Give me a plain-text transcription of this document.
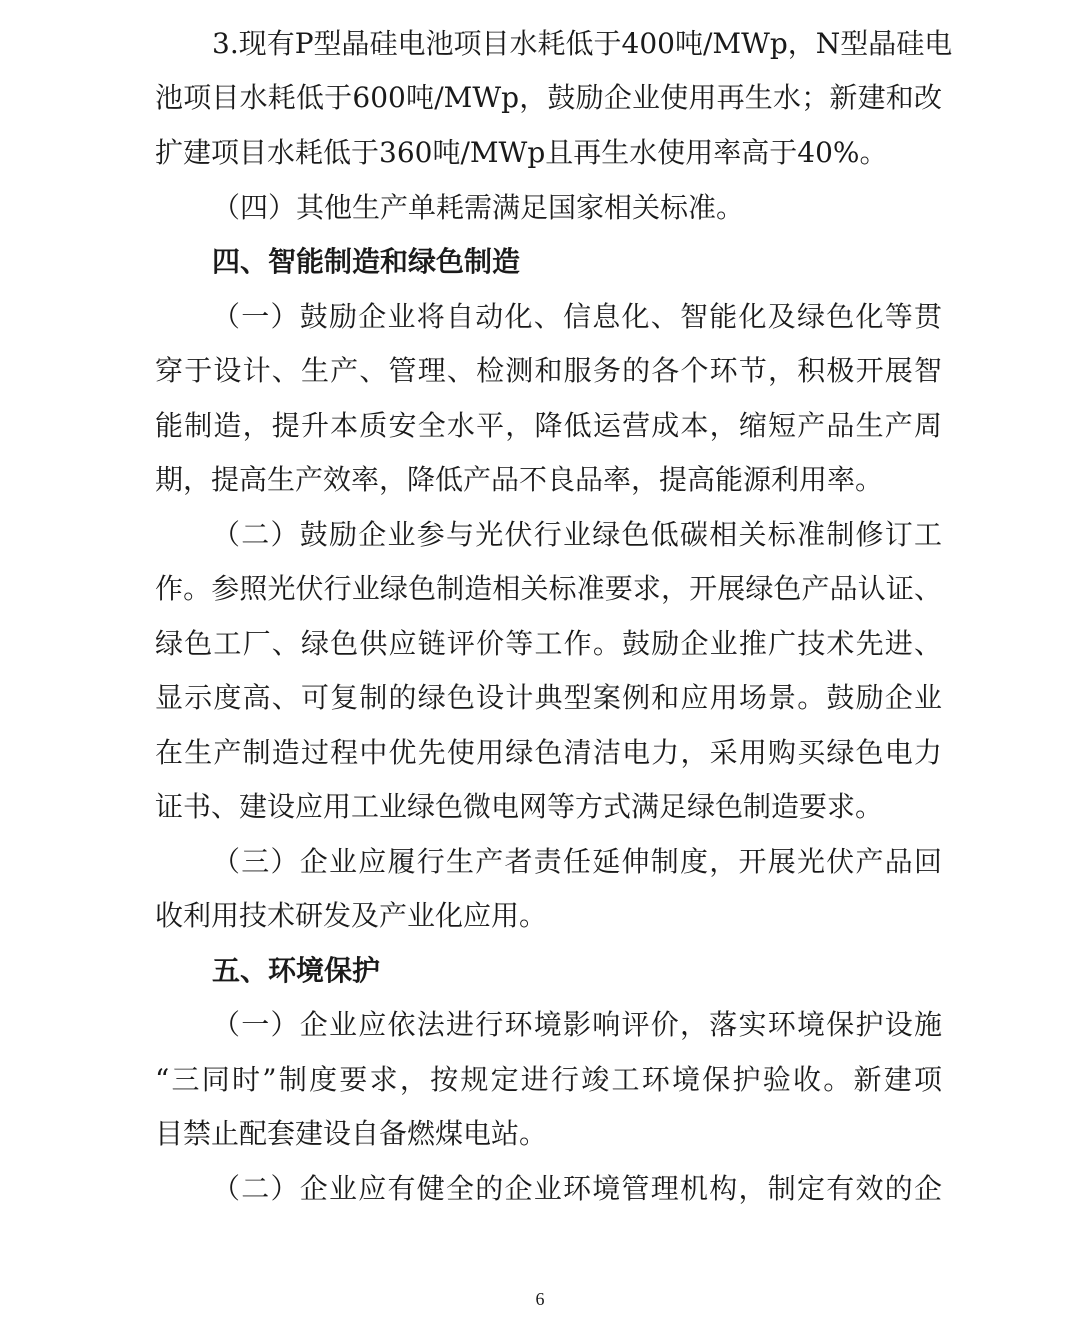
3.现有P型晶硅电池项目水耗低于400吨/MWp，N型晶硅电
池项目水耗低于600吨/MWp，鼓励企业使用再生水；新建和改
扩建项目水耗低于360吨/MWp且再生水使用率高于40%。
（四）其他生产单耗需满足国家相关标准。
四、智能制造和绿色制造
（一）鼓励企业将自动化、信息化、智能化及绿色化等贯
穿于设计、生产、管理、检测和服务的各个环节，积极开展智
能制造，提升本质安全水平，降低运营成本，缩短产品生产周
期，提高生产效率，降低产品不良品率，提高能源利用率。
（二）鼓励企业参与光伏行业绿色低碳相关标准制修订工
作。参照光伏行业绿色制造相关标准要求，开展绿色产品认证、
绿色工厂、绿色供应链评价等工作。鼓励企业推广技术先进、
显示度高、可复制的绿色设计典型案例和应用场景。鼓励企业
在生产制造过程中优先使用绿色清洁电力，采用购买绿色电力
证书、建设应用工业绿色微电网等方式满足绿色制造要求。
（三）企业应履行生产者责任延伸制度，开展光伏产品回
收利用技术研发及产业化应用。
五、环境保护
（一）企业应依法进行环境影响评价，落实环境保护设施
“三同时”制度要求，按规定进行竣工环境保护验收。新建项
目禁止配套建设自备燃煤电站。
（二）企业应有健全的企业环境管理机构，制定有效的企
6
